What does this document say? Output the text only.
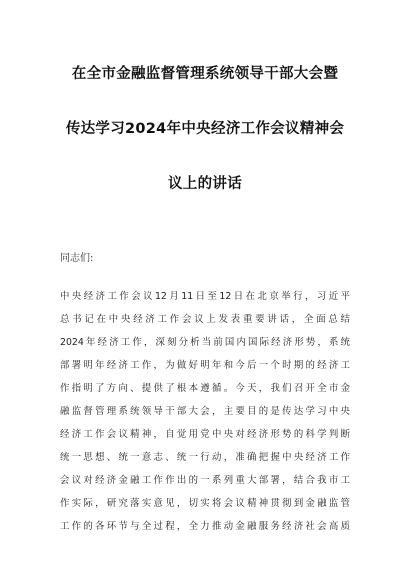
在全市金融监督管理系统领导干部大会暨
传达学习2024年中央经济工作会议精神会
议上的讲话
同志们:
中央经济工作会议12月11日至12日在北京举行，习近平
总书记在中央经济工作会议上发表重要讲话，全面总结
2024年经济工作，深刻分析当前国内国际经济形势，系统
部署明年经济工作，为做好明年和今后一个时期的经济工
作指明了方向、提供了根本遵循。今天，我们召开全市金
融监督管理系统领导干部大会，主要目的是传达学习中央
经济工作会议精神，自觉用党中央对经济形势的科学判断
统一思想、统一意志、统一行动，准确把握中央经济工作
会议对经济金融工作作出的一系列重大部署，结合我市工
作实际，研究落实意见，切实将会议精神贯彻到金融监管
工作的各环节与全过程，全力推动金融服务经济社会高质
